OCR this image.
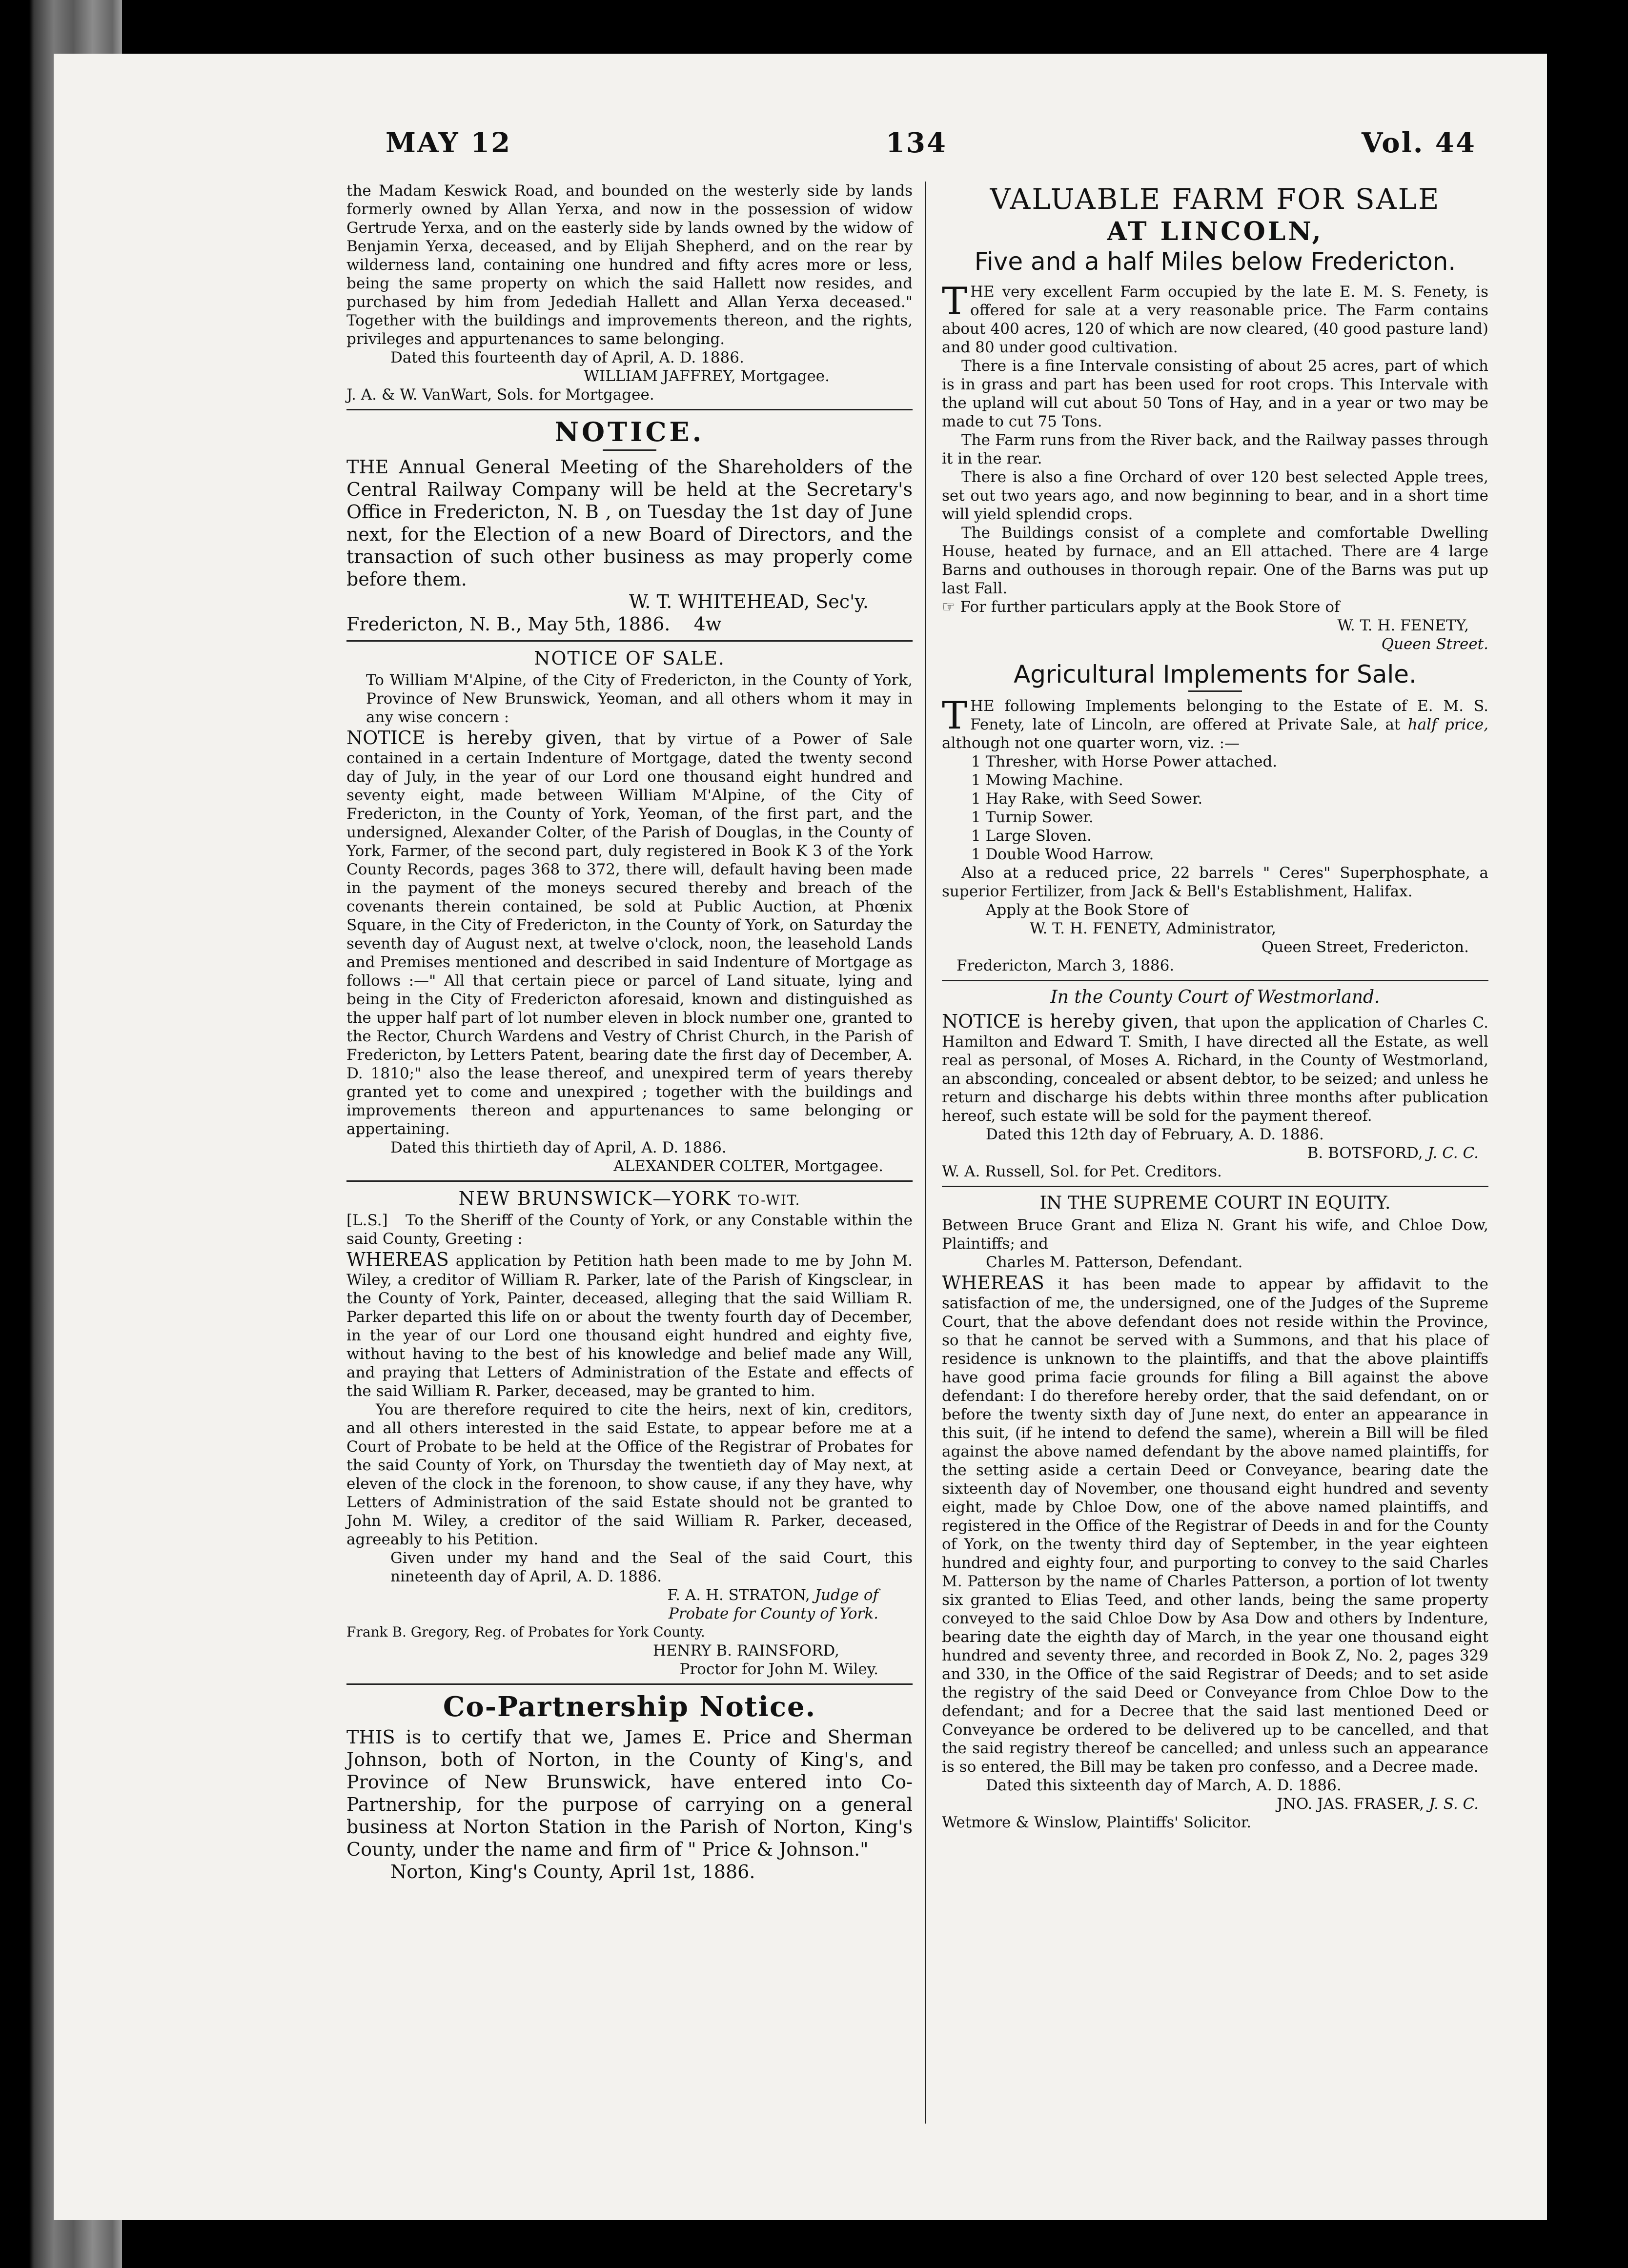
MAY 12	134	Vol. 44

the Madam Keswick Road, and bounded on the westerly side by lands formerly owned by Allan Yerxa, and now in the possession of widow Gertrude Yerxa, and on the easterly side by lands owned by the widow of Benjamin Yerxa, deceased, and by Elijah Shepherd, and on the rear by wilderness land, containing one hundred and fifty acres more or less, being the same property on which the said Hallett now resides, and purchased by him from Jedediah Hallett and Allan Yerxa deceased." Together with the buildings and improvements thereon, and the rights, privileges and appurtenances to same belonging.

Dated this fourteenth day of April, A. D. 1886.

WILLIAM JAFFREY, Mortgagee.

J. A. & W. VanWart, Sols. for Mortgagee.

NOTICE.

THE Annual General Meeting of the Shareholders of the Central Railway Company will be held at the Secretary's Office in Fredericton, N. B , on Tuesday the 1st day of June next, for the Election of a new Board of Directors, and the transaction of such other business as may properly come before them.

W. T. WHITEHEAD, Sec'y.

Fredericton, N. B., May 5th, 1886. 4w

NOTICE OF SALE.

To William M'Alpine, of the City of Fredericton, in the County of York, Province of New Brunswick, Yeoman, and all others whom it may in any wise concern :

NOTICE is hereby given, that by virtue of a Power of Sale contained in a certain Indenture of Mortgage, dated the twenty second day of July, in the year of our Lord one thousand eight hundred and seventy eight, made between William M'Alpine, of the City of Fredericton, in the County of York, Yeoman, of the first part, and the undersigned, Alexander Colter, of the Parish of Douglas, in the County of York, Farmer, of the second part, duly registered in Book K 3 of the York County Records, pages 368 to 372, there will, default having been made in the payment of the moneys secured thereby and breach of the covenants therein contained, be sold at Public Auction, at Phœnix Square, in the City of Fredericton, in the County of York, on Saturday the seventh day of August next, at twelve o'clock, noon, the leasehold Lands and Premises mentioned and described in said Indenture of Mortgage as follows :—" All that certain piece or parcel of Land situate, lying and being in the City of Fredericton aforesaid, known and distinguished as the upper half part of lot number eleven in block number one, granted to the Rector, Church Wardens and Vestry of Christ Church, in the Parish of Fredericton, by Letters Patent, bearing date the first day of December, A. D. 1810;" also the lease thereof, and unexpired term of years thereby granted yet to come and unexpired ; together with the buildings and improvements thereon and appurtenances to same belonging or appertaining.

Dated this thirtieth day of April, A. D. 1886.

ALEXANDER COLTER, Mortgagee.

NEW BRUNSWICK—YORK TO-WIT.

[L.S.] To the Sheriff of the County of York, or any Constable within the said County, Greeting :

WHEREAS application by Petition hath been made to me by John M. Wiley, a creditor of William R. Parker, late of the Parish of Kingsclear, in the County of York, Painter, deceased, alleging that the said William R. Parker departed this life on or about the twenty fourth day of December, in the year of our Lord one thousand eight hundred and eighty five, without having to the best of his knowledge and belief made any Will, and praying that Letters of Administration of the Estate and effects of the said William R. Parker, deceased, may be granted to him.

You are therefore required to cite the heirs, next of kin, creditors, and all others interested in the said Estate, to appear before me at a Court of Probate to be held at the Office of the Registrar of Probates for the said County of York, on Thursday the twentieth day of May next, at eleven of the clock in the forenoon, to show cause, if any they have, why Letters of Administration of the said Estate should not be granted to John M. Wiley, a creditor of the said William R. Parker, deceased, agreeably to his Petition.

Given under my hand and the Seal of the said Court, this nineteenth day of April, A. D. 1886.

F. A. H. STRATON, Judge of

Probate for County of York.

Frank B. Gregory, Reg. of Probates for York County.

HENRY B. RAINSFORD,

Proctor for John M. Wiley.

Co-Partnership Notice.

THIS is to certify that we, James E. Price and Sherman Johnson, both of Norton, in the County of King's, and Province of New Brunswick, have entered into Co-Partnership, for the purpose of carrying on a general business at Norton Station in the Parish of Norton, King's County, under the name and firm of " Price & Johnson."

Norton, King's County, April 1st, 1886.

VALUABLE FARM FOR SALE
AT LINCOLN,
Five and a half Miles below Fredericton.

THE very excellent Farm occupied by the late E. M. S. Fenety, is offered for sale at a very reasonable price. The Farm contains about 400 acres, 120 of which are now cleared, (40 good pasture land) and 80 under good cultivation.

There is a fine Intervale consisting of about 25 acres, part of which is in grass and part has been used for root crops. This Intervale with the upland will cut about 50 Tons of Hay, and in a year or two may be made to cut 75 Tons.

The Farm runs from the River back, and the Railway passes through it in the rear.

There is also a fine Orchard of over 120 best selected Apple trees, set out two years ago, and now beginning to bear, and in a short time will yield splendid crops.

The Buildings consist of a complete and comfortable Dwelling House, heated by furnace, and an Ell attached. There are 4 large Barns and outhouses in thorough repair. One of the Barns was put up last Fall.

☞ For further particulars apply at the Book Store of

W. T. H. FENETY,

Queen Street.

Agricultural Implements for Sale.

THE following Implements belonging to the Estate of E. M. S. Fenety, late of Lincoln, are offered at Private Sale, at half price, although not one quarter worn, viz. :—

1 Thresher, with Horse Power attached.

1 Mowing Machine.

1 Hay Rake, with Seed Sower.

1 Turnip Sower.

1 Large Sloven.

1 Double Wood Harrow.

Also at a reduced price, 22 barrels " Ceres" Superphosphate, a superior Fertilizer, from Jack & Bell's Establishment, Halifax.

Apply at the Book Store of

W. T. H. FENETY, Administrator,

Queen Street, Fredericton.

Fredericton, March 3, 1886.

In the County Court of Westmorland.

NOTICE is hereby given, that upon the application of Charles C. Hamilton and Edward T. Smith, I have directed all the Estate, as well real as personal, of Moses A. Richard, in the County of Westmorland, an absconding, concealed or absent debtor, to be seized; and unless he return and discharge his debts within three months after publication hereof, such estate will be sold for the payment thereof.

Dated this 12th day of February, A. D. 1886.

B. BOTSFORD, J. C. C.

W. A. Russell, Sol. for Pet. Creditors.

IN THE SUPREME COURT IN EQUITY.

Between Bruce Grant and Eliza N. Grant his wife, and Chloe Dow, Plaintiffs; and

Charles M. Patterson, Defendant.

WHEREAS it has been made to appear by affidavit to the satisfaction of me, the undersigned, one of the Judges of the Supreme Court, that the above defendant does not reside within the Province, so that he cannot be served with a Summons, and that his place of residence is unknown to the plaintiffs, and that the above plaintiffs have good prima facie grounds for filing a Bill against the above defendant: I do therefore hereby order, that the said defendant, on or before the twenty sixth day of June next, do enter an appearance in this suit, (if he intend to defend the same), wherein a Bill will be filed against the above named defendant by the above named plaintiffs, for the setting aside a certain Deed or Conveyance, bearing date the sixteenth day of November, one thousand eight hundred and seventy eight, made by Chloe Dow, one of the above named plaintiffs, and registered in the Office of the Registrar of Deeds in and for the County of York, on the twenty third day of September, in the year eighteen hundred and eighty four, and purporting to convey to the said Charles M. Patterson by the name of Charles Patterson, a portion of lot twenty six granted to Elias Teed, and other lands, being the same property conveyed to the said Chloe Dow by Asa Dow and others by Indenture, bearing date the eighth day of March, in the year one thousand eight hundred and seventy three, and recorded in Book Z, No. 2, pages 329 and 330, in the Office of the said Registrar of Deeds; and to set aside the registry of the said Deed or Conveyance from Chloe Dow to the defendant; and for a Decree that the said last mentioned Deed or Conveyance be ordered to be delivered up to be cancelled, and that the said registry thereof be cancelled; and unless such an appearance is so entered, the Bill may be taken pro confesso, and a Decree made.

Dated this sixteenth day of March, A. D. 1886.

JNO. JAS. FRASER, J. S. C.

Wetmore & Winslow, Plaintiffs' Solicitor.
